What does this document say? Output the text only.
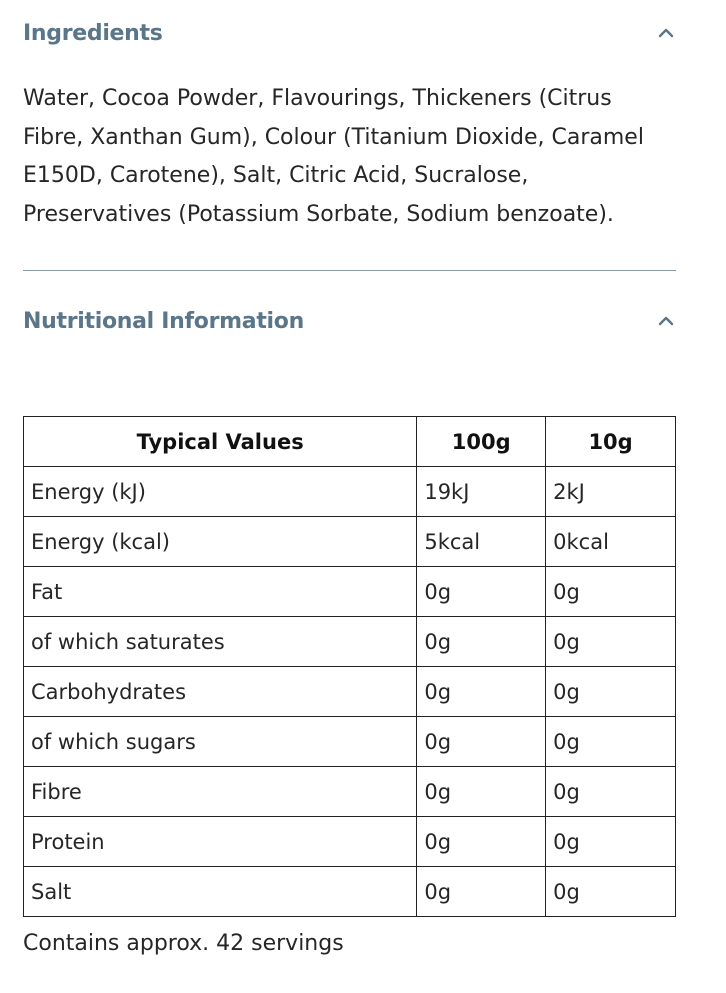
Ingredients
Water, Cocoa Powder, Flavourings, Thickeners (Citrus Fibre, Xanthan Gum), Colour (Titanium Dioxide, Caramel E150D, Carotene), Salt, Citric Acid, Sucralose, Preservatives (Potassium Sorbate, Sodium benzoate).
Nutritional Information
Typical Values	100g	10g
Energy (kJ)	19kJ	2kJ
Energy (kcal)	5kcal	0kcal
Fat	0g	0g
of which saturates	0g	0g
Carbohydrates	0g	0g
of which sugars	0g	0g
Fibre	0g	0g
Protein	0g	0g
Salt	0g	0g
Contains approx. 42 servings
